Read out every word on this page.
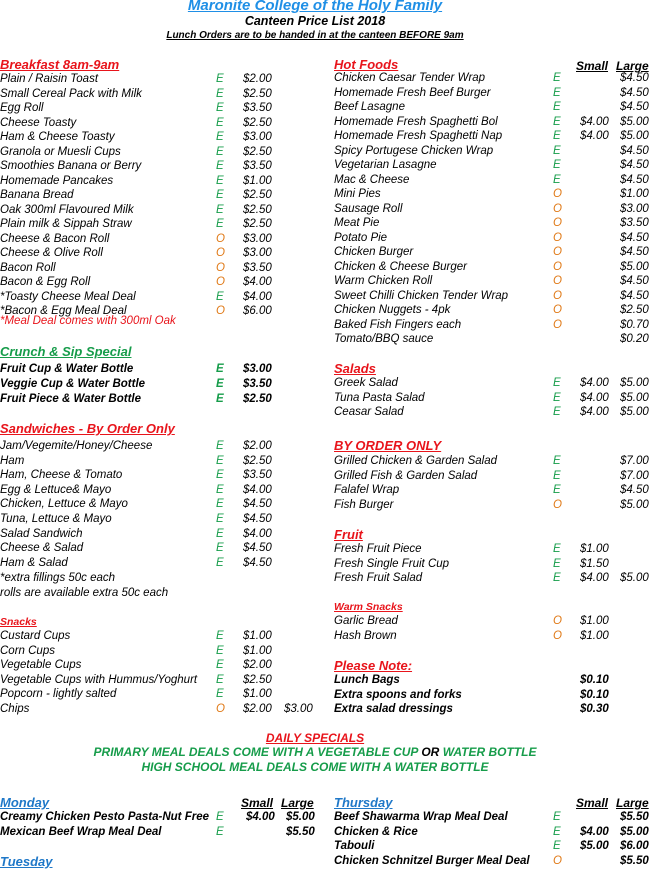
Maronite College of the Holy Family
Canteen Price List 2018
Lunch Orders are to be handed in at the canteen BEFORE 9am
Breakfast 8am-9am
*Meal Deal comes with 300ml Oak
Crunch & Sip Special
Sandwiches - By Order Only
*extra fillings 50c each
rolls are available extra 50c each
Snacks
Hot Foods	Small Large
Salads
BY ORDER ONLY
Fruit
Warm Snacks
Please Note:
DAILY SPECIALS
PRIMARY MEAL DEALS COME WITH A VEGETABLE CUP OR WATER BOTTLE
HIGH SCHOOL MEAL DEALS COME WITH A WATER BOTTLE
Monday	Small Large
Tuesday
Thursday	Small Large
Plain / Raisin Toast	E $2.00
Small Cereal Pack with Milk	E $2.50
Egg Roll	E $3.50
Cheese Toasty	E $2.50
Ham & Cheese Toasty	E $3.00
Granola or Muesli Cups	E $2.50
Smoothies Banana or Berry	E $3.50
Homemade Pancakes	E $1.00
Banana Bread	E $2.50
Oak 300ml Flavoured Milk	E $2.50
Plain milk & Sippah Straw	E $2.50
Cheese & Bacon Roll	O $3.00
Cheese & Olive Roll	O $3.00
Bacon Roll	O $3.50
Bacon & Egg Roll	O $4.00
*Toasty Cheese Meal Deal	E $4.00
*Bacon & Egg Meal Deal	O $6.00
Fruit Cup & Water Bottle	E $3.00
Veggie Cup & Water Bottle	E $3.50
Fruit Piece & Water Bottle	E $2.50
Jam/Vegemite/Honey/Cheese	E $2.00
Ham	E $2.50
Ham, Cheese & Tomato	E $3.50
Egg & Lettuce& Mayo	E $4.00
Chicken, Lettuce & Mayo	E $4.50
Tuna, Lettuce & Mayo	E $4.50
Salad Sandwich	E $4.00
Cheese & Salad	E $4.50
Ham & Salad	E $4.50
Custard Cups	E $1.00
Corn Cups	E $1.00
Vegetable Cups	E $2.00
Vegetable Cups with Hummus/Yoghurt E $2.50
Popcorn - lightly salted	E $1.00
Chips	O $2.00 $3.00
Chicken Caesar Tender Wrap	E	$4.50
Homemade Fresh Beef Burger	E	$4.50
Beef Lasagne	E	$4.50
Homemade Fresh Spaghetti Bol	E $4.00 $5.00
Homemade Fresh Spaghetti Nap	E $4.00 $5.00
Spicy Portugese Chicken Wrap	E	$4.50
Vegetarian Lasagne	E	$4.50
Mac & Cheese	E	$4.50
Mini Pies	O	$1.00
Sausage Roll	O	$3.00
Meat Pie	O	$3.50
Potato Pie	O	$4.50
Chicken Burger	O	$4.50
Chicken & Cheese Burger	O	$5.00
Warm Chicken Roll	O	$4.50
Sweet Chilli Chicken Tender Wrap	O	$4.50
Chicken Nuggets - 4pk	O	$2.50
Baked Fish Fingers each	O	$0.70
Tomato/BBQ sauce	$0.20
Greek Salad	E $4.00 $5.00
Tuna Pasta Salad	E $4.00 $5.00
Ceasar Salad	E $4.00 $5.00
Grilled Chicken & Garden Salad	E	$7.00
Grilled Fish & Garden Salad	E	$7.00
Falafel Wrap	E	$4.50
Fish Burger	O	$5.00
Fresh Fruit Piece	E $1.00
Fresh Single Fruit Cup	E $1.50
Fresh Fruit Salad	E $4.00 $5.00
Garlic Bread	O $1.00
Hash Brown	O $1.00
Lunch Bags	$0.10
Extra spoons and forks	$0.10
Extra salad dressings	$0.30
Creamy Chicken Pesto Pasta-Nut Free E $4.00 $5.00
Mexican Beef Wrap Meal Deal	E	$5.50
Beef Shawarma Wrap Meal Deal	E	$5.50
Chicken & Rice	E $4.00 $5.00
Tabouli	E $5.00 $6.00
Chicken Schnitzel Burger Meal Deal O	$5.50
